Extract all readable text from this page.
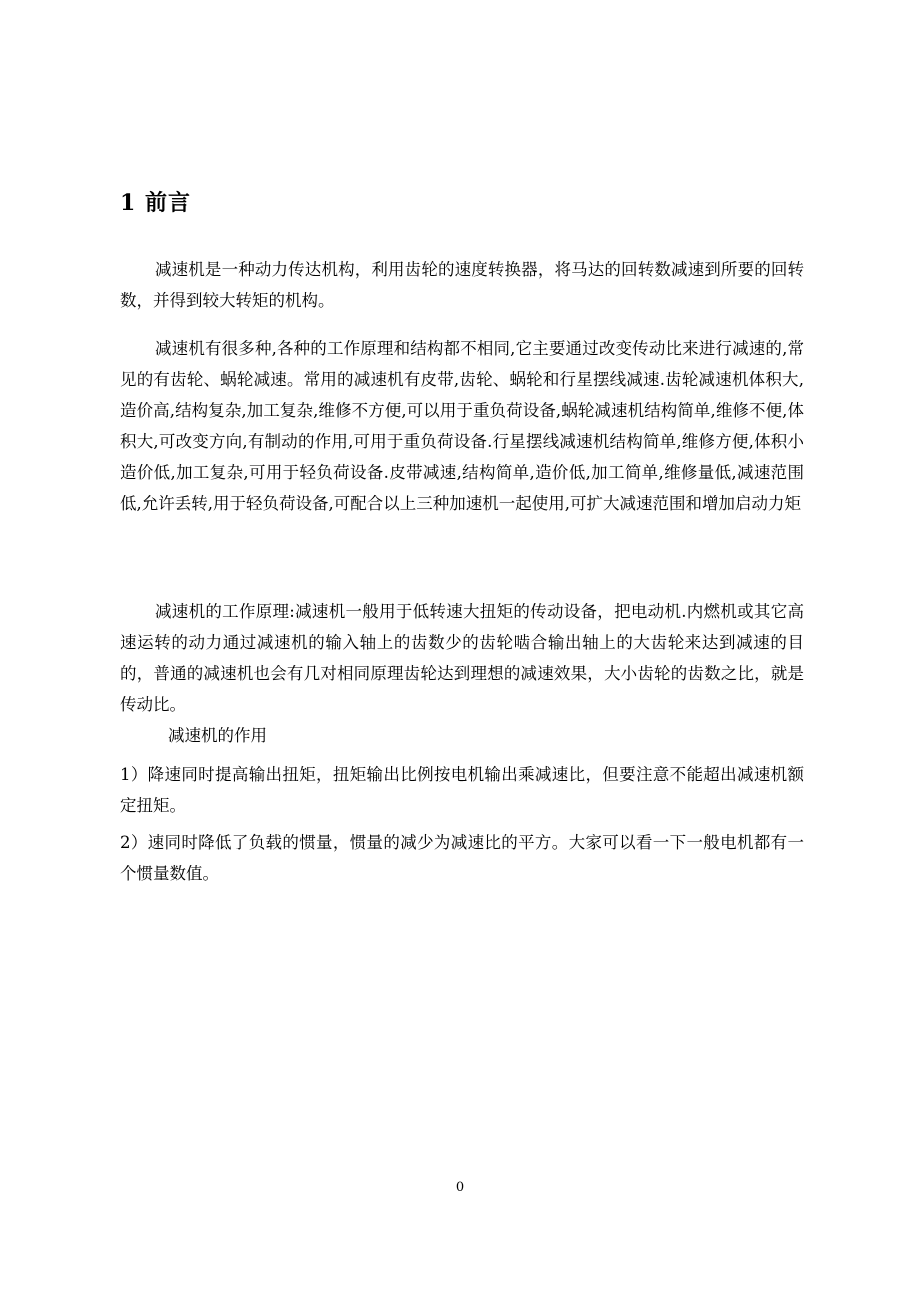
1 前言

减速机是一种动力传达机构，利用齿轮的速度转换器，将马达的回转数减速到所要的回转数，并得到较大转矩的机构。

减速机有很多种,各种的工作原理和结构都不相同,它主要通过改变传动比来进行减速的,常见的有齿轮、蜗轮减速。常用的减速机有皮带,齿轮、蜗轮和行星摆线减速.齿轮减速机体积大,造价高,结构复杂,加工复杂,维修不方便,可以用于重负荷设备,蜗轮减速机结构简单,维修不便,体积大,可改变方向,有制动的作用,可用于重负荷设备.行星摆线减速机结构简单,维修方便,体积小造价低,加工复杂,可用于轻负荷设备.皮带减速,结构简单,造价低,加工简单,维修量低,减速范围低,允许丢转,用于轻负荷设备,可配合以上三种加速机一起使用,可扩大减速范围和增加启动力矩

减速机的工作原理:减速机一般用于低转速大扭矩的传动设备，把电动机.内燃机或其它高速运转的动力通过减速机的输入轴上的齿数少的齿轮啮合输出轴上的大齿轮来达到减速的目的，普通的减速机也会有几对相同原理齿轮达到理想的减速效果，大小齿轮的齿数之比，就是传动比。

减速机的作用

1）降速同时提高输出扭矩，扭矩输出比例按电机输出乘减速比，但要注意不能超出减速机额定扭矩。

2）速同时降低了负载的惯量，惯量的减少为减速比的平方。大家可以看一下一般电机都有一个惯量数值。

0
